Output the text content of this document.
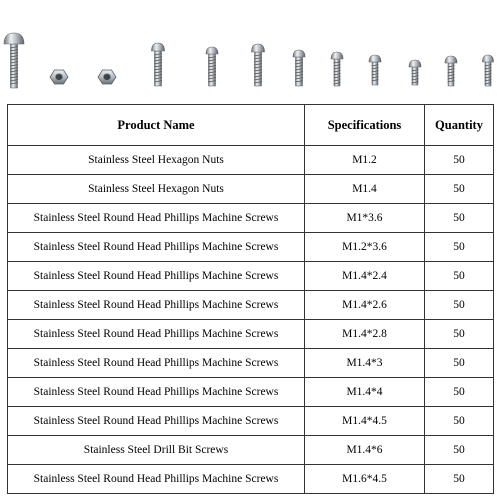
Product Name	Specifications	Quantity
Stainless Steel Hexagon Nuts	M1.2	50
Stainless Steel Hexagon Nuts	M1.4	50
Stainless Steel Round Head Phillips Machine Screws	M1*3.6	50
Stainless Steel Round Head Phillips Machine Screws	M1.2*3.6	50
Stainless Steel Round Head Phillips Machine Screws	M1.4*2.4	50
Stainless Steel Round Head Phillips Machine Screws	M1.4*2.6	50
Stainless Steel Round Head Phillips Machine Screws	M1.4*2.8	50
Stainless Steel Round Head Phillips Machine Screws	M1.4*3	50
Stainless Steel Round Head Phillips Machine Screws	M1.4*4	50
Stainless Steel Round Head Phillips Machine Screws	M1.4*4.5	50
Stainless Steel Drill Bit Screws	M1.4*6	50
Stainless Steel Round Head Phillips Machine Screws	M1.6*4.5	50
